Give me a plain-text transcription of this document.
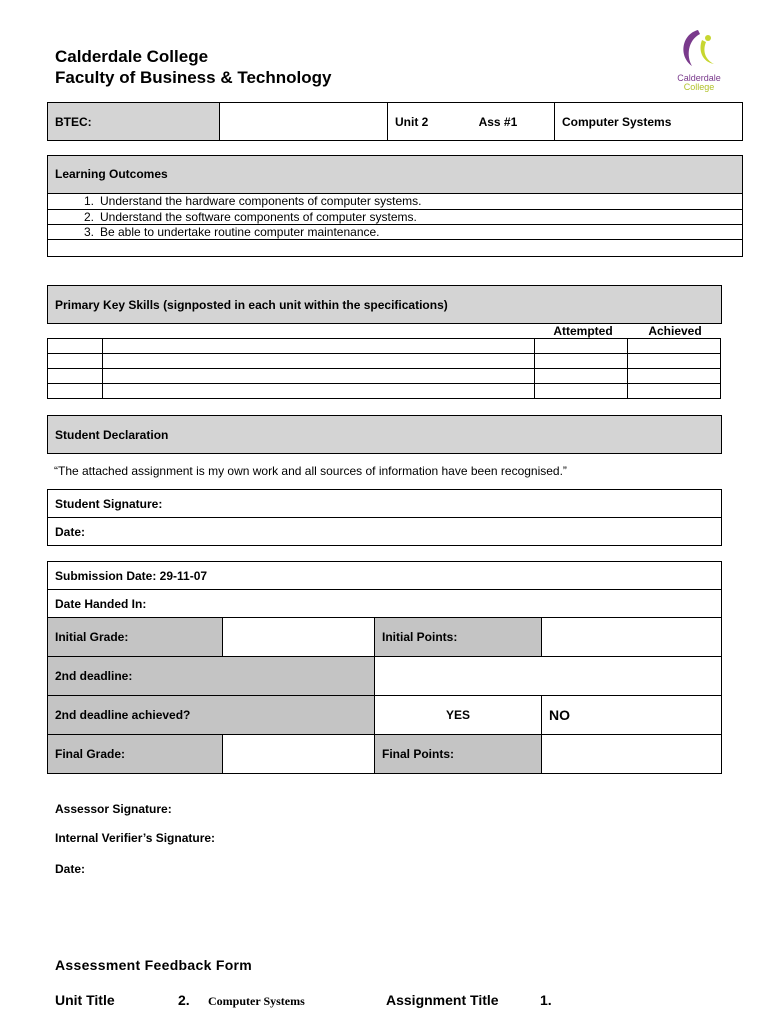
Calderdale College
Faculty of Business & Technology	Calderdale
College
BTEC:		Unit 2	Ass #1	Computer Systems
Learning Outcomes
1. Understand the hardware components of computer systems.
2. Understand the software components of computer systems.
3. Be able to undertake routine computer maintenance.
Primary Key Skills (signposted in each unit within the specifications)
Attempted	Achieved

Student Declaration
“The attached assignment is my own work and all sources of information have been recognised.”
Student Signature:
Date:
Submission Date: 29-11-07			
Date Handed In:			
Initial Grade:		Initial Points:	
2nd deadline:			
2nd deadline achieved?		YES	NO
Final Grade:		Final Points:	
Assessor Signature:
Internal Verifier’s Signature:
Date:
Assessment Feedback Form
Unit Title	2. Computer Systems	Assignment Title	1.
